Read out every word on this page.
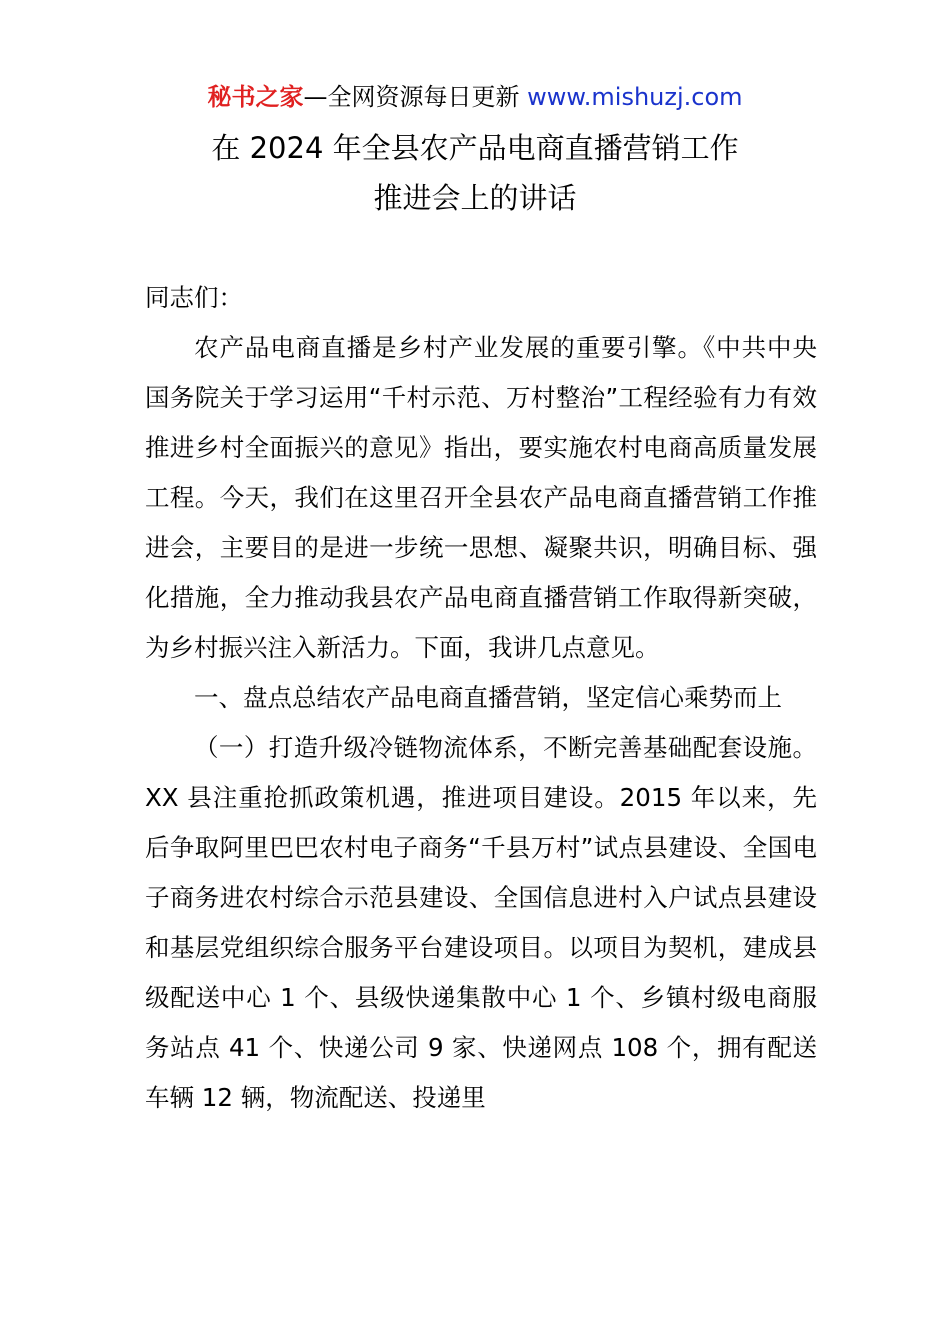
秘书之家—全网资源每日更新 www.mishuzj.com
在 2024 年全县农产品电商直播营销工作
推进会上的讲话

同志们：

农产品电商直播是乡村产业发展的重要引擎。《中共中央　国务院关于学习运用“千村示范、万村整治”工程经验有力有效推进乡村全面振兴的意见》指出，要实施农村电商高质量发展工程。今天，我们在这里召开全县农产品电商直播营销工作推进会，主要目的是进一步统一思想、凝聚共识，明确目标、强化措施，全力推动我县农产品电商直播营销工作取得新突破，为乡村振兴注入新活力。下面，我讲几点意见。

一、盘点总结农产品电商直播营销，坚定信心乘势而上

（一）打造升级冷链物流体系，不断完善基础配套设施。XX 县注重抢抓政策机遇，推进项目建设。2015 年以来，先后争取阿里巴巴农村电子商务“千县万村”试点县建设、全国电子商务进农村综合示范县建设、全国信息进村入户试点县建设和基层党组织综合服务平台建设项目。以项目为契机，建成县级配送中心 1 个、县级快递集散中心 1 个、乡镇村级电商服务站点 41 个、快递公司 9 家、快递网点 108 个，拥有配送车辆 12 辆，物流配送、投递里
